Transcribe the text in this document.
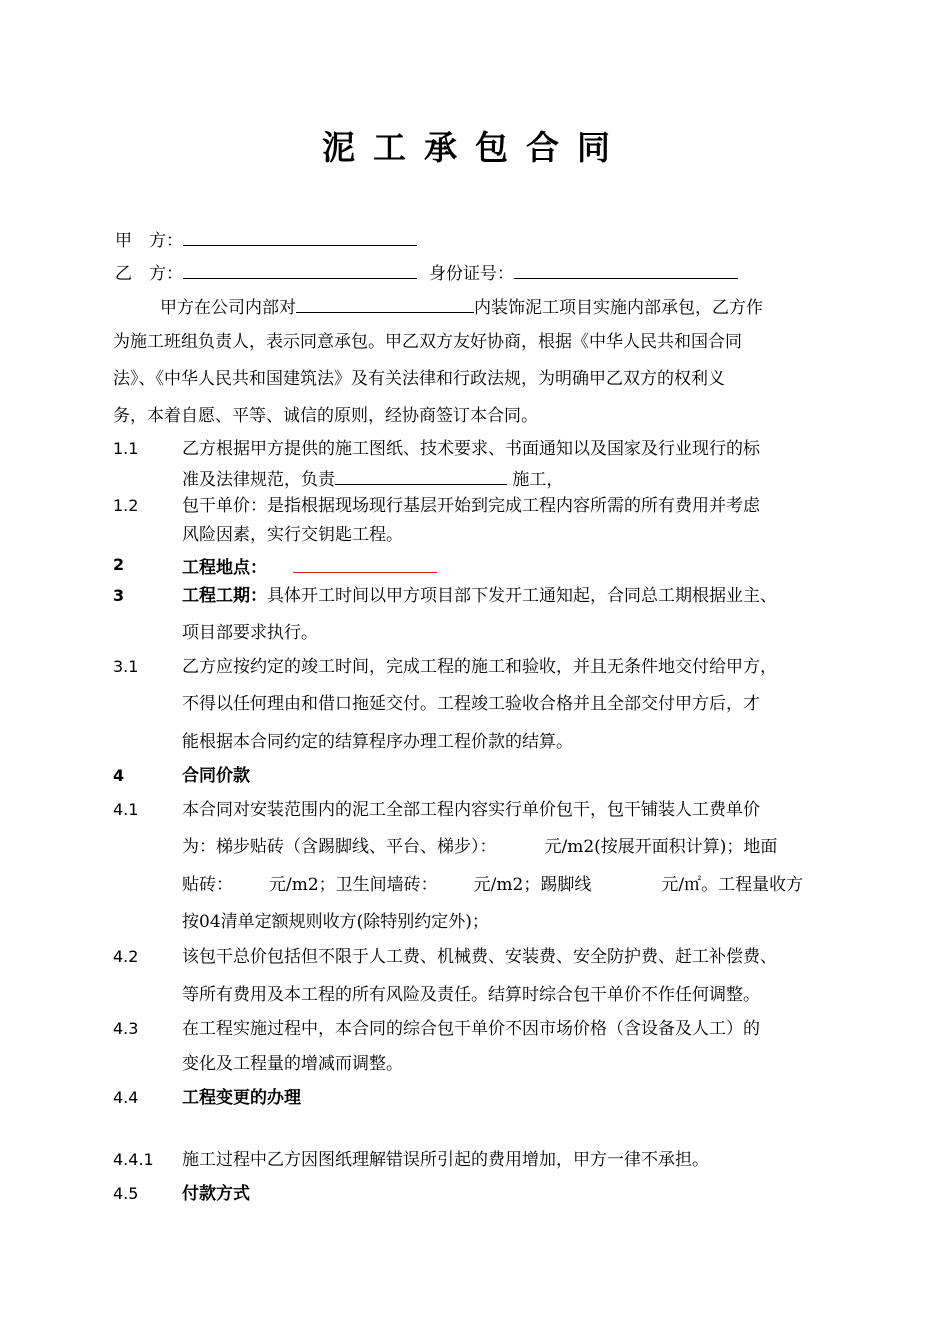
泥工承包合同
甲　方：
乙　方：	身份证号：
甲方在公司内部对	内装饰泥工项目实施内部承包，乙方作
为施工班组负责人，表示同意承包。甲乙双方友好协商，根据《中华人民共和国合同
法》、《中华人民共和国建筑法》及有关法律和行政法规，为明确甲乙双方的权利义
务，本着自愿、平等、诚信的原则，经协商签订本合同。
1.1	乙方根据甲方提供的施工图纸、技术要求、书面通知以及国家及行业现行的标
准及法律规范，负责	施工，
1.2	包干单价：是指根据现场现行基层开始到完成工程内容所需的所有费用并考虑
风险因素，实行交钥匙工程。
2	工程地点：
3	工程工期：具体开工时间以甲方项目部下发开工通知起，合同总工期根据业主、
项目部要求执行。
3.1	乙方应按约定的竣工时间，完成工程的施工和验收，并且无条件地交付给甲方，
不得以任何理由和借口拖延交付。工程竣工验收合格并且全部交付甲方后，才
能根据本合同约定的结算程序办理工程价款的结算。
4	合同价款
4.1	本合同对安装范围内的泥工全部工程内容实行单价包干，包干铺装人工费单价
为：梯步贴砖（含踢脚线、平台、梯步）：	元/m2(按展开面积计算)；地面
贴砖： 元/m2；卫生间墙砖： 元/m2；踢脚线	元/㎡。工程量收方
按04清单定额规则收方(除特别约定外)；
4.2	该包干总价包括但不限于人工费、机械费、安装费、安全防护费、赶工补偿费、
等所有费用及本工程的所有风险及责任。结算时综合包干单价不作任何调整。
4.3	在工程实施过程中，本合同的综合包干单价不因市场价格（含设备及人工）的
变化及工程量的增减而调整。
4.4	工程变更的办理
4.4.1 施工过程中乙方因图纸理解错误所引起的费用增加，甲方一律不承担。
4.5	付款方式
